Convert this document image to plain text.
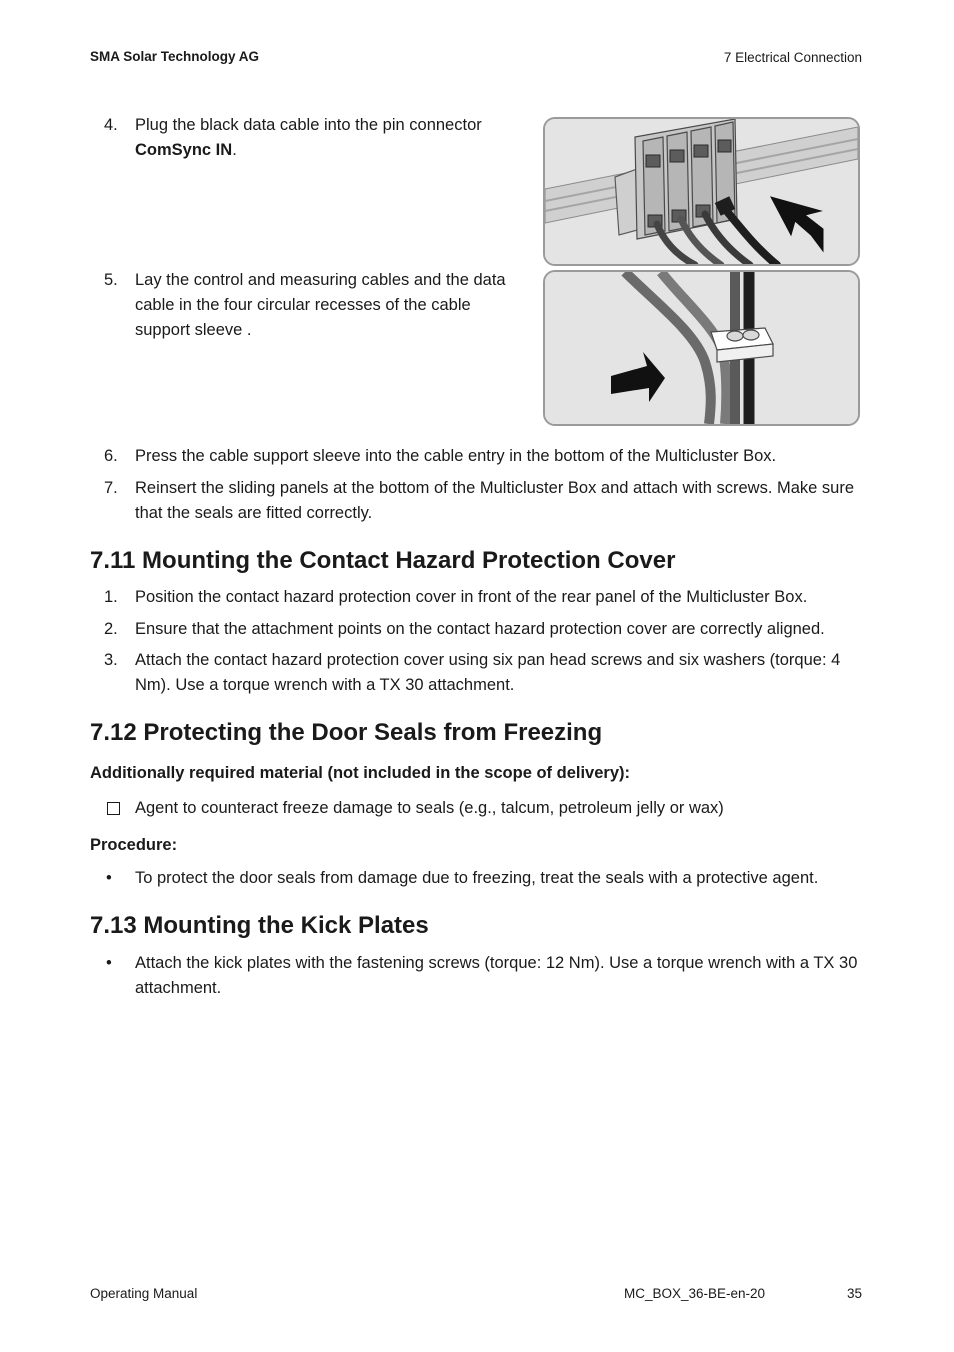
SMA Solar Technology AG	7 Electrical Connection
4.	Plug the black data cable into the pin connector ComSync IN.
5.	Lay the control and measuring cables and the data cable in the four circular recesses of the cable support sleeve .
6.	Press the cable support sleeve into the cable entry in the bottom of the Multicluster Box.
7.	Reinsert the sliding panels at the bottom of the Multicluster Box and attach with screws. Make sure that the seals are fitted correctly.
7.11 Mounting the Contact Hazard Protection Cover
1.	Position the contact hazard protection cover in front of the rear panel of the Multicluster Box.
2.	Ensure that the attachment points on the contact hazard protection cover are correctly aligned.
3.	Attach the contact hazard protection cover using six pan head screws and six washers (torque: 4 Nm). Use a torque wrench with a TX 30 attachment.
7.12 Protecting the Door Seals from Freezing
Additionally required material (not included in the scope of delivery):
Agent to counteract freeze damage to seals (e.g., talcum, petroleum jelly or wax)
Procedure:
• To protect the door seals from damage due to freezing, treat the seals with a protective agent.
7.13 Mounting the Kick Plates
• Attach the kick plates with the fastening screws (torque: 12 Nm). Use a torque wrench with a TX 30 attachment.
Operating Manual	MC_BOX_36-BE-en-20	35
